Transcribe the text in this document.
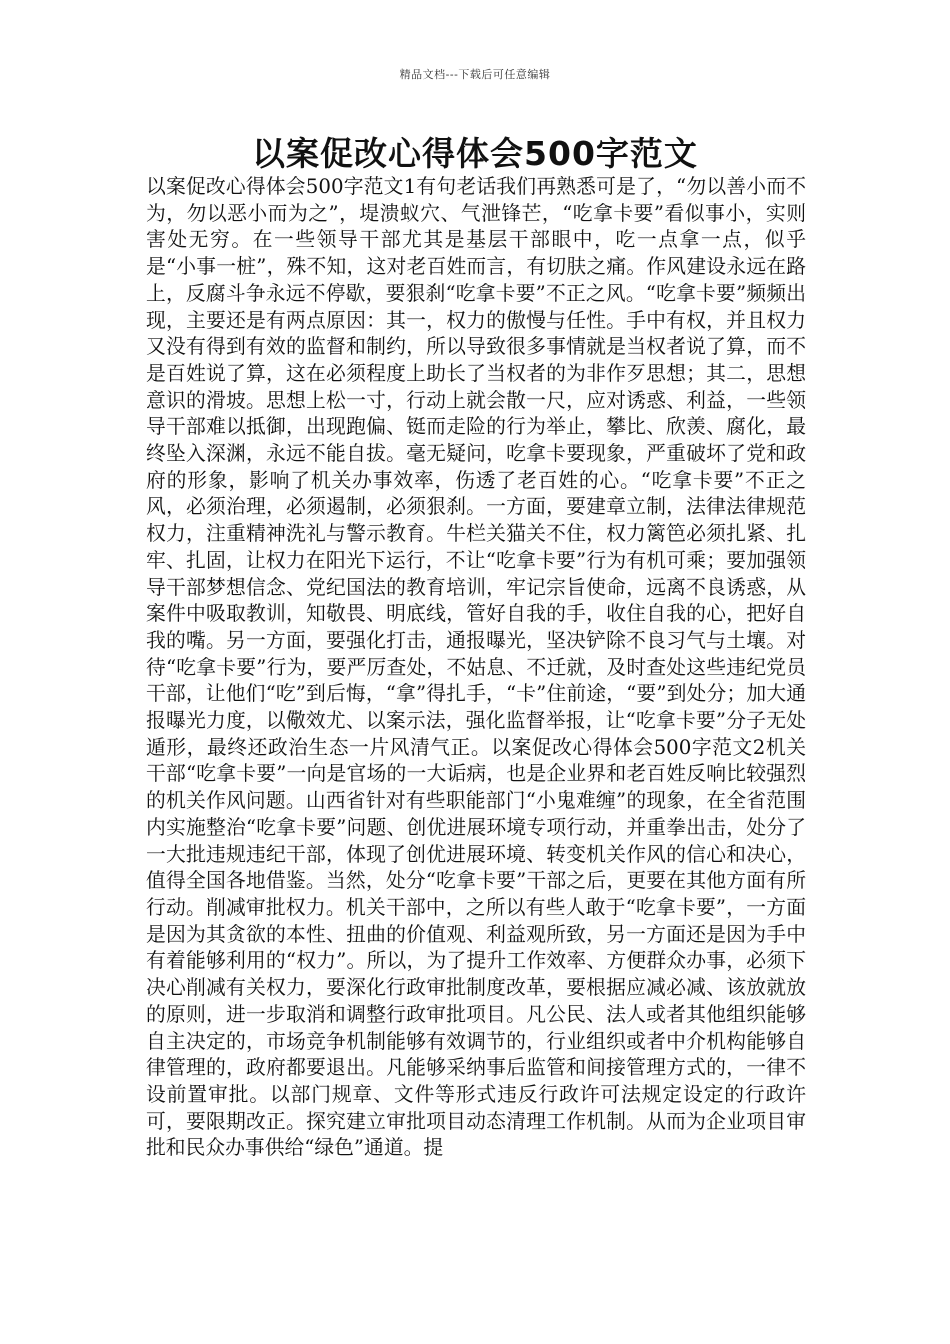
精品文档---下载后可任意编辑
以案促改心得体会500字范文

以案促改心得体会500字范文1有句老话我们再熟悉可是了，“勿以善小而不为，勿以恶小而为之”，堤溃蚁穴、气泄锋芒，“吃拿卡要”看似事小，实则害处无穷。在一些领导干部尤其是基层干部眼中，吃一点拿一点，似乎是“小事一桩”，殊不知，这对老百姓而言，有切肤之痛。作风建设永远在路上，反腐斗争永远不停歇，要狠刹“吃拿卡要”不正之风。“吃拿卡要”频频出现，主要还是有两点原因：其一，权力的傲慢与任性。手中有权，并且权力又没有得到有效的监督和制约，所以导致很多事情就是当权者说了算，而不是百姓说了算，这在必须程度上助长了当权者的为非作歹思想；其二，思想意识的滑坡。思想上松一寸，行动上就会散一尺，应对诱惑、利益，一些领导干部难以抵御，出现跑偏、铤而走险的行为举止，攀比、欣羡、腐化，最终坠入深渊，永远不能自拔。毫无疑问，吃拿卡要现象，严重破坏了党和政府的形象，影响了机关办事效率，伤透了老百姓的心。“吃拿卡要”不正之风，必须治理，必须遏制，必须狠刹。一方面，要建章立制，法律法律规范权力，注重精神洗礼与警示教育。牛栏关猫关不住，权力篱笆必须扎紧、扎牢、扎固，让权力在阳光下运行，不让“吃拿卡要”行为有机可乘；要加强领导干部梦想信念、党纪国法的教育培训，牢记宗旨使命，远离不良诱惑，从案件中吸取教训，知敬畏、明底线，管好自我的手，收住自我的心，把好自我的嘴。另一方面，要强化打击，通报曝光，坚决铲除不良习气与土壤。对待“吃拿卡要”行为，要严厉查处，不姑息、不迁就，及时查处这些违纪党员干部，让他们“吃”到后悔，“拿”得扎手，“卡”住前途，“要”到处分；加大通报曝光力度，以儆效尤、以案示法，强化监督举报，让“吃拿卡要”分子无处遁形，最终还政治生态一片风清气正。以案促改心得体会500字范文2机关干部“吃拿卡要”一向是官场的一大诟病，也是企业界和老百姓反响比较强烈的机关作风问题。山西省针对有些职能部门“小鬼难缠”的现象，在全省范围内实施整治“吃拿卡要”问题、创优进展环境专项行动，并重拳出击，处分了一大批违规违纪干部，体现了创优进展环境、转变机关作风的信心和决心，值得全国各地借鉴。当然，处分“吃拿卡要”干部之后，更要在其他方面有所行动。削减审批权力。机关干部中，之所以有些人敢于“吃拿卡要”，一方面是因为其贪欲的本性、扭曲的价值观、利益观所致，另一方面还是因为手中有着能够利用的“权力”。所以，为了提升工作效率、方便群众办事，必须下决心削减有关权力，要深化行政审批制度改革，要根据应减必减、该放就放的原则，进一步取消和调整行政审批项目。凡公民、法人或者其他组织能够自主决定的，市场竞争机制能够有效调节的，行业组织或者中介机构能够自律管理的，政府都要退出。凡能够采纳事后监管和间接管理方式的，一律不设前置审批。以部门规章、文件等形式违反行政许可法规定设定的行政许可，要限期改正。探究建立审批项目动态清理工作机制。从而为企业项目审批和民众办事供给“绿色”通道。提
